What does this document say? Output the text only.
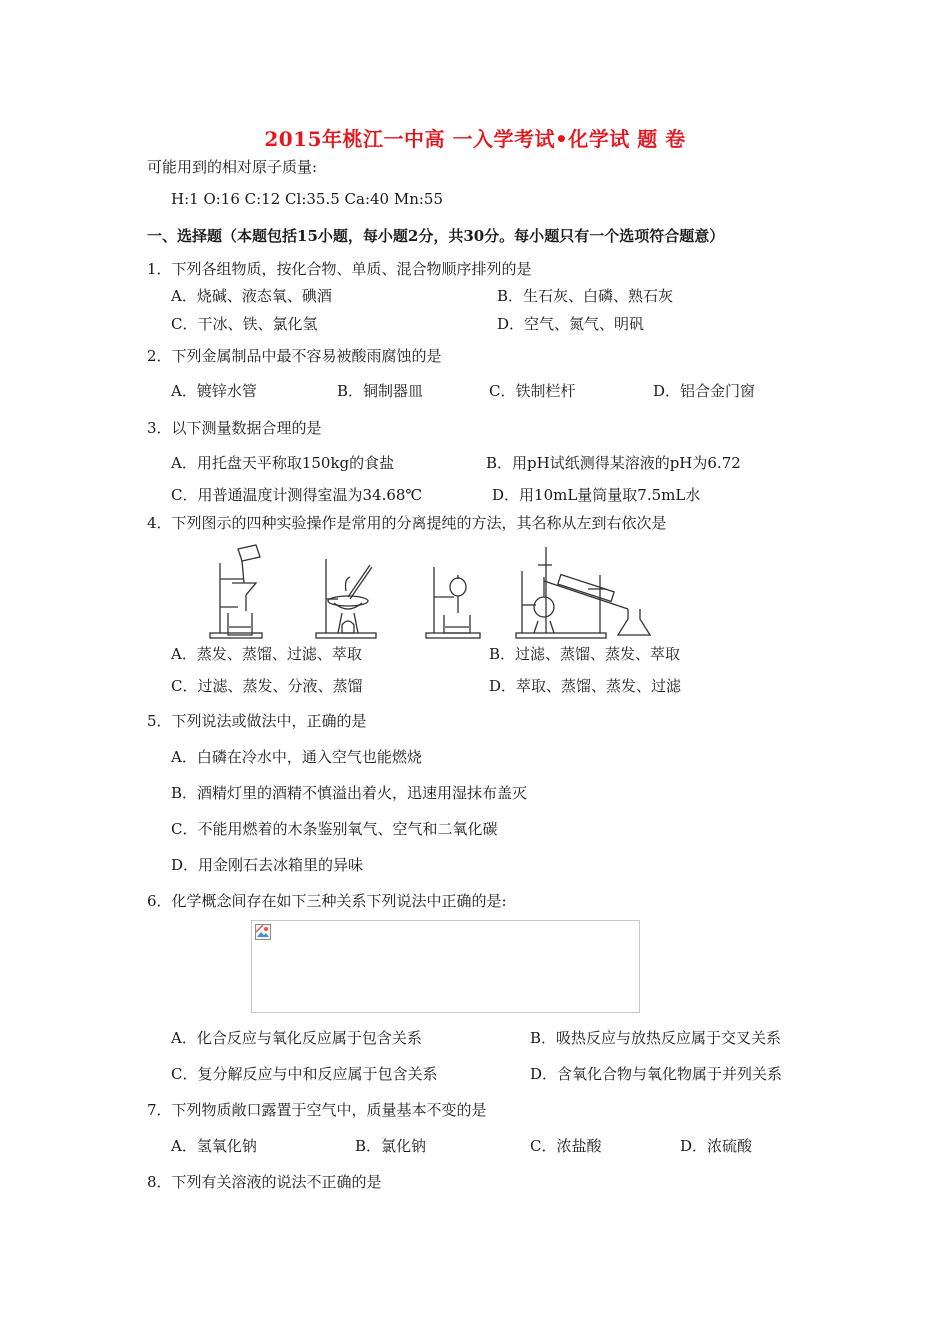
2015年桃江一中高 一入学考试•化学试 题 卷
可能用到的相对原子质量:
H:1 O:16 C:12 Cl:35.5 Ca:40 Mn:55
一、选择题（本题包括15小题，每小题2分，共30分。每小题只有一个选项符合题意）
1．下列各组物质，按化合物、单质、混合物顺序排列的是
A．烧碱、液态氧、碘酒	B．生石灰、白磷、熟石灰
C．干冰、铁、氯化氢	D．空气、氮气、明矾
2．下列金属制品中最不容易被酸雨腐蚀的是
A．镀锌水管	B．铜制器皿	C．铁制栏杆	D．铝合金门窗
3．以下测量数据合理的是
A．用托盘天平称取150kg的食盐	B．用pH试纸测得某溶液的pH为6.72
C．用普通温度计测得室温为34.68℃	D．用10mL量筒量取7.5mL水
4．下列图示的四种实验操作是常用的分离提纯的方法，其名称从左到右依次是
A．蒸发、蒸馏、过滤、萃取	B．过滤、蒸馏、蒸发、萃取
C．过滤、蒸发、分液、蒸馏	D．萃取、蒸馏、蒸发、过滤
5．下列说法或做法中，正确的是
A．白磷在冷水中，通入空气也能燃烧
B．酒精灯里的酒精不慎溢出着火，迅速用湿抹布盖灭
C．不能用燃着的木条鉴别氧气、空气和二氧化碳
D．用金刚石去冰箱里的异味
6．化学概念间存在如下三种关系下列说法中正确的是:
A．化合反应与氧化反应属于包含关系	B．吸热反应与放热反应属于交叉关系
C．复分解反应与中和反应属于包含关系	D．含氧化合物与氧化物属于并列关系
7．下列物质敞口露置于空气中，质量基本不变的是
A．氢氧化钠	B．氯化钠	C．浓盐酸	D．浓硫酸
8．下列有关溶液的说法不正确的是
